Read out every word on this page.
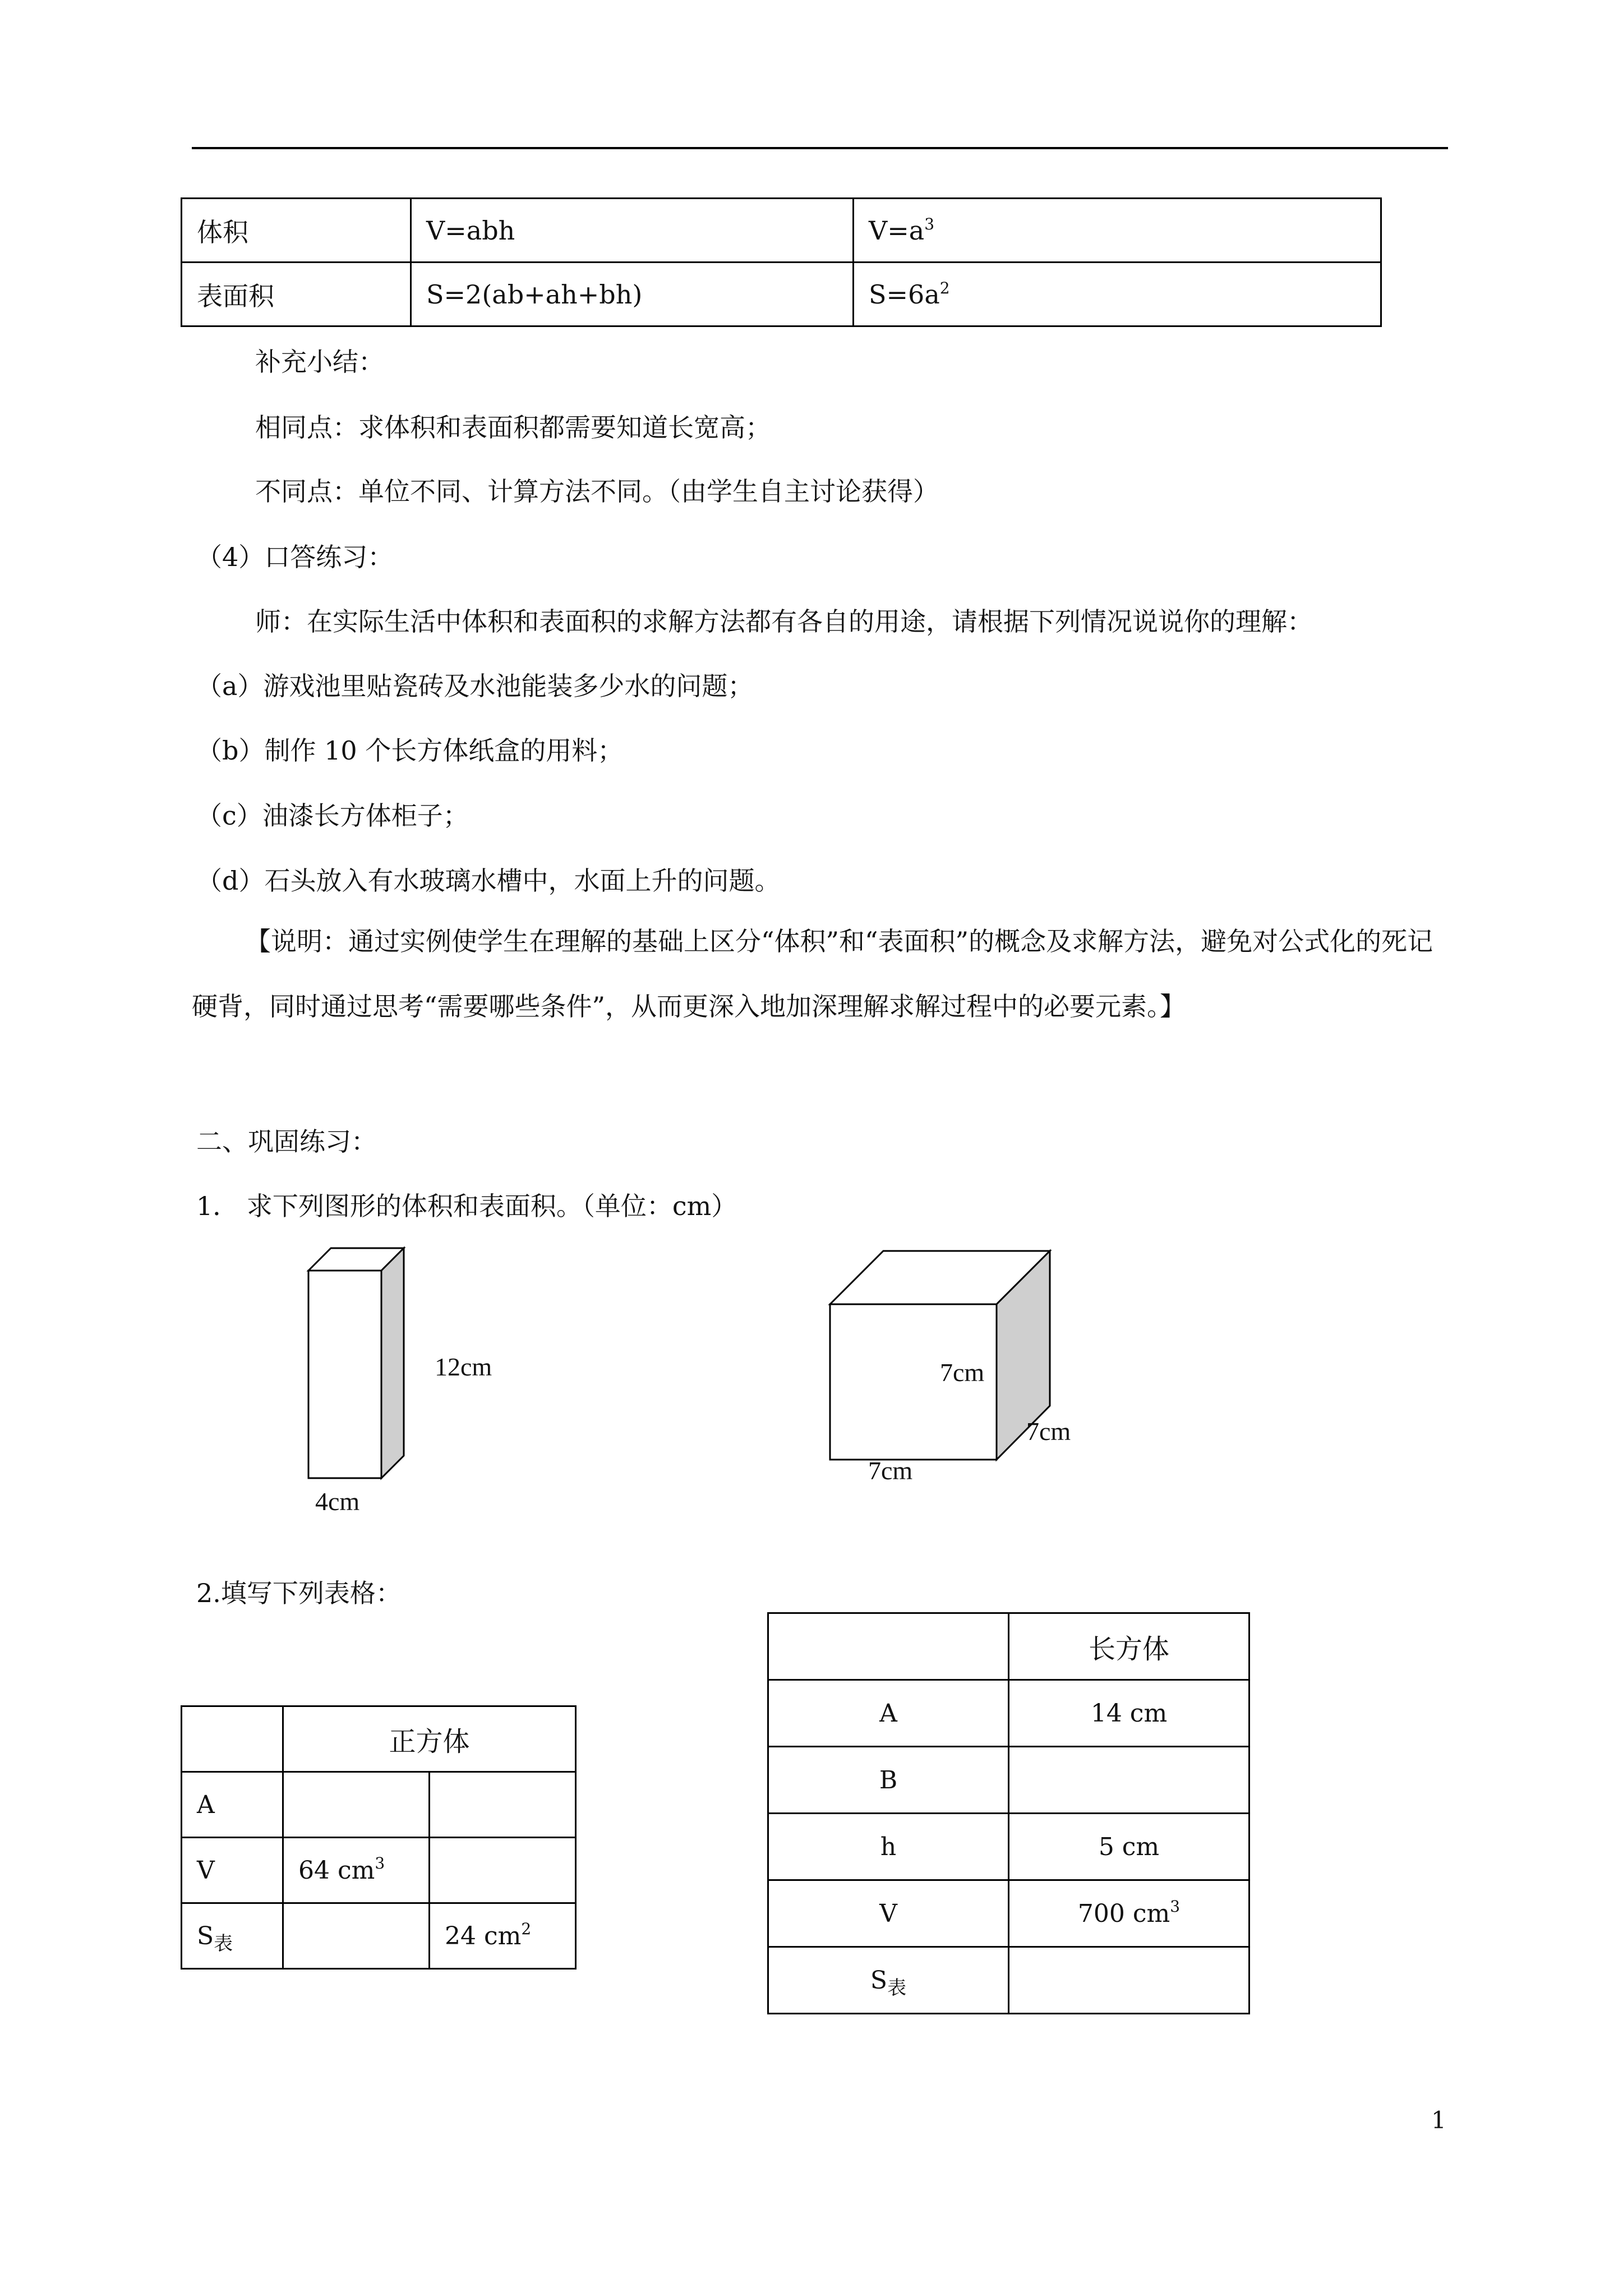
体积	V=abh	$V=a^3$
表面积	S=2(ab+ah+bh)	$S=6a^2$
补充小结：
相同点：求体积和表面积都需要知道长宽高；
不同点：单位不同、计算方法不同。（由学生自主讨论获得）
（4）口答练习：
师：在实际生活中体积和表面积的求解方法都有各自的用途，请根据下列情况说说你的理解：
（a）游戏池里贴瓷砖及水池能装多少水的问题；
（b）制作 10 个长方体纸盒的用料；
（c）油漆长方体柜子；
（d）石头放入有水玻璃水槽中，水面上升的问题。
【说明：通过实例使学生在理解的基础上区分“体积”和“表面积”的概念及求解方法，避免对公式化的死记硬背，同时通过思考“需要哪些条件”，从而更深入地加深理解求解过程中的必要元素。】
二、巩固练习：
1． 求下列图形的体积和表面积。（单位：cm）
12cm
4cm
7cm
7cm
7cm
2.填写下列表格：
	正方体	
A		
V	64 $cm^3$	
$S_表$		24 $cm^2$
	长方体
A	14 cm
B	
h	5 cm
V	700 $cm^3$
$S_表$	
1
